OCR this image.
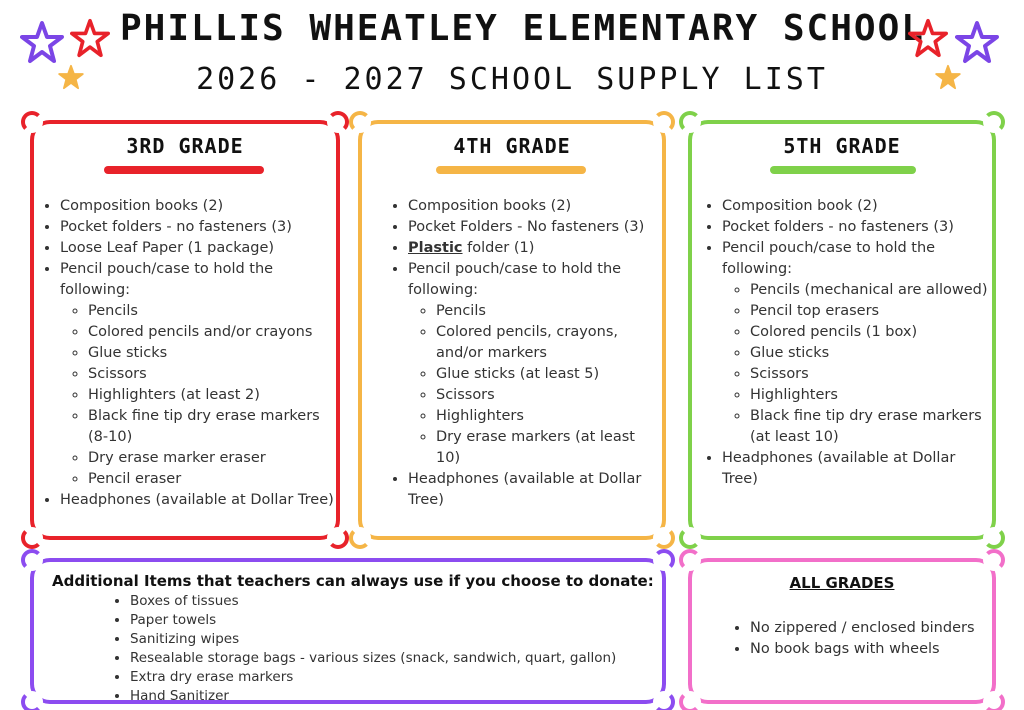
PHILLIS WHEATLEY ELEMENTARY SCHOOL
2026 - 2027 SCHOOL SUPPLY LIST
3RD GRADE
• Composition books (2)
• Pocket folders - no fasteners (3)
• Loose Leaf Paper (1 package)
• Pencil pouch/case to hold the following:
◦ Pencils
◦ Colored pencils and/or crayons
◦ Glue sticks
◦ Scissors
◦ Highlighters (at least 2)
◦ Black fine tip dry erase markers (8-10)
◦ Dry erase marker eraser
◦ Pencil eraser
• Headphones (available at Dollar Tree)
4TH GRADE
• Composition books (2)
• Pocket Folders - No fasteners (3)
• Plastic folder (1)
• Pencil pouch/case to hold the following:
◦ Pencils
◦ Colored pencils, crayons, and/or markers
◦ Glue sticks (at least 5)
◦ Scissors
◦ Highlighters
◦ Dry erase markers (at least 10)
• Headphones (available at Dollar Tree)
5TH GRADE
• Composition book (2)
• Pocket folders - no fasteners (3)
• Pencil pouch/case to hold the following:
◦ Pencils (mechanical are allowed)
◦ Pencil top erasers
◦ Colored pencils (1 box)
◦ Glue sticks
◦ Scissors
◦ Highlighters
◦ Black fine tip dry erase markers (at least 10)
• Headphones (available at Dollar Tree)
Additional Items that teachers can always use if you choose to donate:
• Boxes of tissues
• Paper towels
• Sanitizing wipes
• Resealable storage bags - various sizes (snack, sandwich, quart, gallon)
• Extra dry erase markers
• Hand Sanitizer
ALL GRADES
• No zippered / enclosed binders
• No book bags with wheels
